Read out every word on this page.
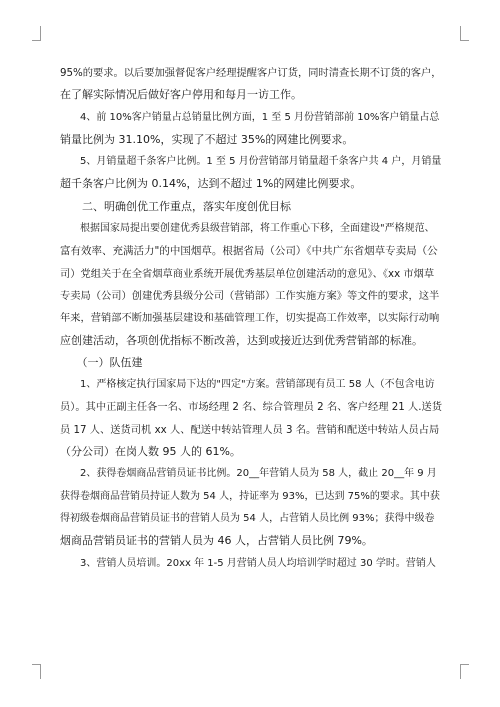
95%的要求。以后要加强督促客户经理提醒客户订货，同时清查长期不订货的客户，
在了解实际情况后做好客户停用和每月一访工作。
　　4、前 10%客户销量占总销量比例方面，1 至 5 月份营销部前 10%客户销量占总
销量比例为 31.10%，实现了不超过 35%的网建比例要求。
　　5、月销量超千条客户比例。1 至 5 月份营销部月销量超千条客户共 4 户，月销量
超千条客户比例为 0.14%，达到不超过 1%的网建比例要求。
　　二、明确创优工作重点，落实年度创优目标
　　根据国家局提出要创建优秀县级营销部，将工作重心下移，全面建设"严格规范、
富有效率、充满活力"的中国烟草。根据省局（公司）《中共广东省烟草专卖局（公
司）党组关于在全省烟草商业系统开展优秀基层单位创建活动的意见》、《xx 市烟草
专卖局（公司）创建优秀县级分公司（营销部）工作实施方案》等文件的要求，这半
年来，营销部不断加强基层建设和基础管理工作，切实提高工作效率，以实际行动响
应创建活动，各项创优指标不断改善，达到或接近达到优秀营销部的标准。
　　（一）队伍建
　　1、严格核定执行国家局下达的"四定"方案。营销部现有员工 58 人（不包含电访
员）。其中正副主任各一名、市场经理 2 名、综合管理员 2 名、客户经理 21 人.送货
员 17 人、送货司机 xx 人、配送中转站管理人员 3 名。营销和配送中转站人员占局
（分公司）在岗人数 95 人的 61%。
　　2、获得卷烟商品营销员证书比例。20__年营销人员为 58 人，截止 20__年 9 月
获得卷烟商品营销员持证人数为 54 人，持证率为 93%，已达到 75%的要求。其中获
得初级卷烟商品营销员证书的营销人员为 54 人，占营销人员比例 93%；获得中级卷
烟商品营销员证书的营销人员为 46 人，占营销人员比例 79%。
　　3、营销人员培训。20xx 年 1-5 月营销人员人均培训学时超过 30 学时。营销人
